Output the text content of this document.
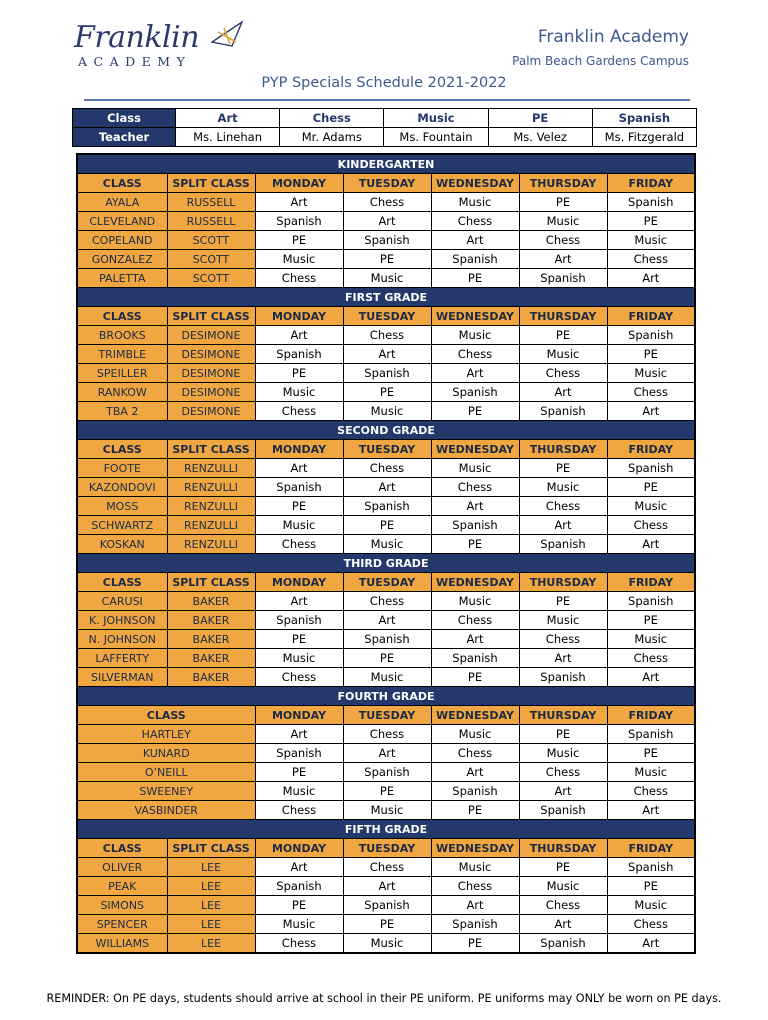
Franklin
ACADEMY
Franklin Academy
Palm Beach Gardens Campus
PYP Specials Schedule 2021-2022
Class	Art	Chess	Music	PE	Spanish
Teacher	Ms. Linehan	Mr. Adams	Ms. Fountain	Ms. Velez	Ms. Fitzgerald
KINDERGARTEN						
CLASS	SPLIT CLASS	MONDAY	TUESDAY	WEDNESDAY	THURSDAY	FRIDAY
AYALA	RUSSELL	Art	Chess	Music	PE	Spanish
CLEVELAND	RUSSELL	Spanish	Art	Chess	Music	PE
COPELAND	SCOTT	PE	Spanish	Art	Chess	Music
GONZALEZ	SCOTT	Music	PE	Spanish	Art	Chess
PALETTA	SCOTT	Chess	Music	PE	Spanish	Art
FIRST GRADE						
CLASS	SPLIT CLASS	MONDAY	TUESDAY	WEDNESDAY	THURSDAY	FRIDAY
BROOKS	DESIMONE	Art	Chess	Music	PE	Spanish
TRIMBLE	DESIMONE	Spanish	Art	Chess	Music	PE
SPEILLER	DESIMONE	PE	Spanish	Art	Chess	Music
RANKOW	DESIMONE	Music	PE	Spanish	Art	Chess
TBA 2	DESIMONE	Chess	Music	PE	Spanish	Art
SECOND GRADE						
CLASS	SPLIT CLASS	MONDAY	TUESDAY	WEDNESDAY	THURSDAY	FRIDAY
FOOTE	RENZULLI	Art	Chess	Music	PE	Spanish
KAZONDOVI	RENZULLI	Spanish	Art	Chess	Music	PE
MOSS	RENZULLI	PE	Spanish	Art	Chess	Music
SCHWARTZ	RENZULLI	Music	PE	Spanish	Art	Chess
KOSKAN	RENZULLI	Chess	Music	PE	Spanish	Art
THIRD GRADE						
CLASS	SPLIT CLASS	MONDAY	TUESDAY	WEDNESDAY	THURSDAY	FRIDAY
CARUSI	BAKER	Art	Chess	Music	PE	Spanish
K. JOHNSON	BAKER	Spanish	Art	Chess	Music	PE
N. JOHNSON	BAKER	PE	Spanish	Art	Chess	Music
LAFFERTY	BAKER	Music	PE	Spanish	Art	Chess
SILVERMAN	BAKER	Chess	Music	PE	Spanish	Art
FOURTH GRADE						
CLASS		MONDAY	TUESDAY	WEDNESDAY	THURSDAY	FRIDAY
HARTLEY		Art	Chess	Music	PE	Spanish
KUNARD		Spanish	Art	Chess	Music	PE
O’NEILL		PE	Spanish	Art	Chess	Music
SWEENEY		Music	PE	Spanish	Art	Chess
VASBINDER		Chess	Music	PE	Spanish	Art
FIFTH GRADE						
CLASS	SPLIT CLASS	MONDAY	TUESDAY	WEDNESDAY	THURSDAY	FRIDAY
OLIVER	LEE	Art	Chess	Music	PE	Spanish
PEAK	LEE	Spanish	Art	Chess	Music	PE
SIMONS	LEE	PE	Spanish	Art	Chess	Music
SPENCER	LEE	Music	PE	Spanish	Art	Chess
WILLIAMS	LEE	Chess	Music	PE	Spanish	Art
REMINDER: On PE days, students should arrive at school in their PE uniform. PE uniforms may ONLY be worn on PE days.
